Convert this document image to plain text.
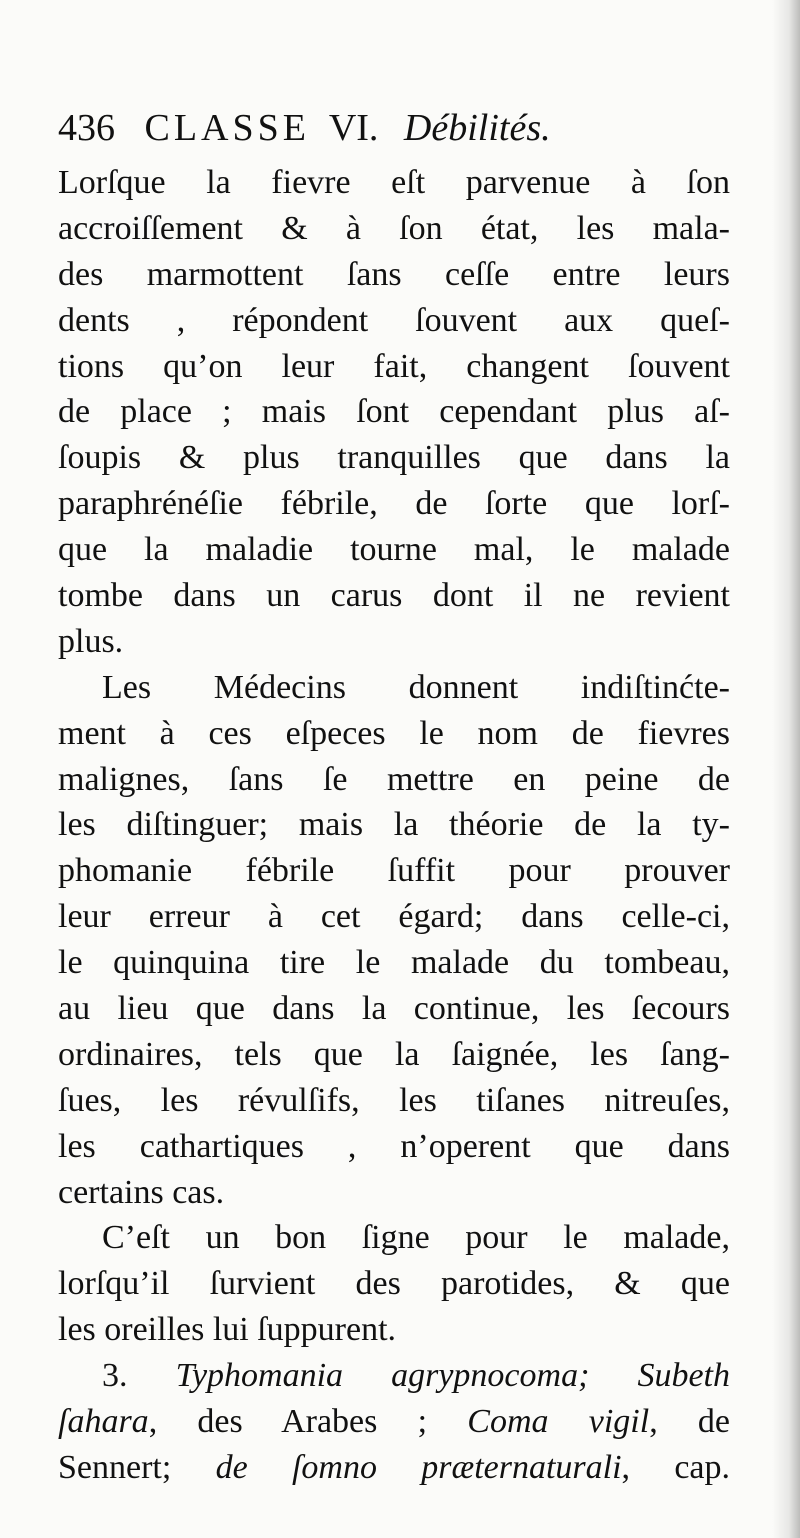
436 CLASSE VI. Débilités.
Lorſque la fievre eſt parvenue à ſon
accroiſſement & à ſon état, les mala-
des marmottent ſans ceſſe entre leurs
dents , répondent ſouvent aux queſ-
tions qu’on leur fait, changent ſouvent
de place ; mais ſont cependant plus aſ-
ſoupis & plus tranquilles que dans la
paraphrénéſie fébrile, de ſorte que lorſ-
que la maladie tourne mal, le malade
tombe dans un carus dont il ne revient
plus.
Les Médecins donnent indiſtinćte-
ment à ces eſpeces le nom de fievres
malignes, ſans ſe mettre en peine de
les diſtinguer; mais la théorie de la ty-
phomanie fébrile ſuffit pour prouver
leur erreur à cet égard; dans celle-ci,
le quinquina tire le malade du tombeau,
au lieu que dans la continue, les ſecours
ordinaires, tels que la ſaignée, les ſang-
ſues, les révulſifs, les tiſanes nitreuſes,
les cathartiques , n’operent que dans
certains cas.
C’eſt un bon ſigne pour le malade,
lorſqu’il ſurvient des parotides, & que
les oreilles lui ſuppurent.
3. Typhomania agrypnocoma; Subeth
ſahara, des Arabes ; Coma vigil, de
Sennert; de ſomno præternaturali, cap.
